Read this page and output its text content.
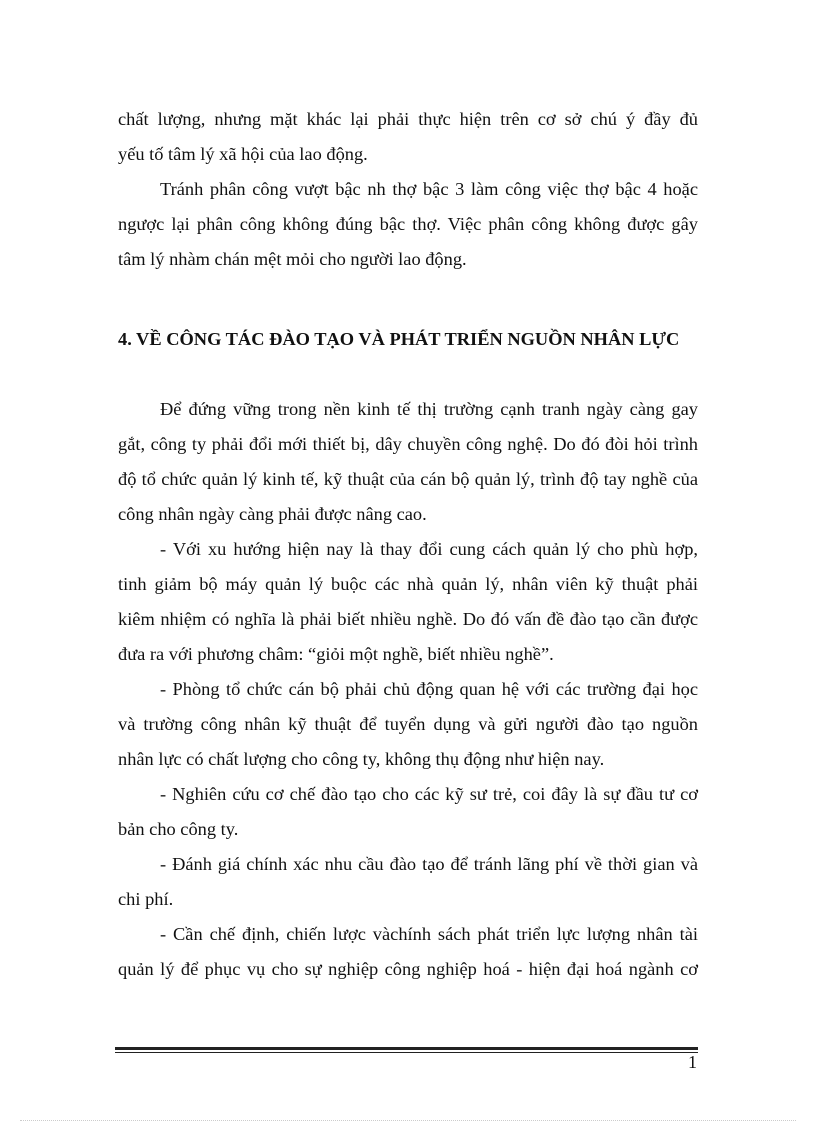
chất lượng, nhưng mặt khác lại phải thực hiện trên cơ sở chú ý đầy đủ
yếu tố tâm lý xã hội của lao động.

Tránh phân công vượt bậc nh thợ bậc 3 làm công việc thợ bậc 4 hoặc
ngược lại phân công không đúng bậc thợ. Việc phân công không được gây
tâm lý nhàm chán mệt mỏi cho người lao động.

4. VỀ CÔNG TÁC ĐÀO TẠO VÀ PHÁT TRIỂN NGUỒN NHÂN LỰC

Để đứng vững trong nền kinh tế thị trường cạnh tranh ngày càng gay
gắt, công ty phải đổi mới thiết bị, dây chuyền công nghệ. Do đó đòi hỏi trình
độ tổ chức quản lý kinh tế, kỹ thuật của cán bộ quản lý, trình độ tay nghề của
công nhân ngày càng phải được nâng cao.

- Với xu hướng hiện nay là thay đổi cung cách quản lý cho phù hợp,
tinh giảm bộ máy quản lý buộc các nhà quản lý, nhân viên kỹ thuật phải
kiêm nhiệm có nghĩa là phải biết nhiều nghề. Do đó vấn đề đào tạo cần được
đưa ra với phương châm: “giỏi một nghề, biết nhiều nghề”.

- Phòng tổ chức cán bộ phải chủ động quan hệ với các trường đại học
và trường công nhân kỹ thuật để tuyển dụng và gửi người đào tạo nguồn
nhân lực có chất lượng cho công ty, không thụ động như hiện nay.

- Nghiên cứu cơ chế đào tạo cho các kỹ sư trẻ, coi đây là sự đầu tư cơ
bản cho công ty.

- Đánh giá chính xác nhu cầu đào tạo để tránh lãng phí về thời gian và
chi phí.

- Cần chế định, chiến lược vàchính sách phát triển lực lượng nhân tài
quản lý để phục vụ cho sự nghiệp công nghiệp hoá - hiện đại hoá ngành cơ

1
